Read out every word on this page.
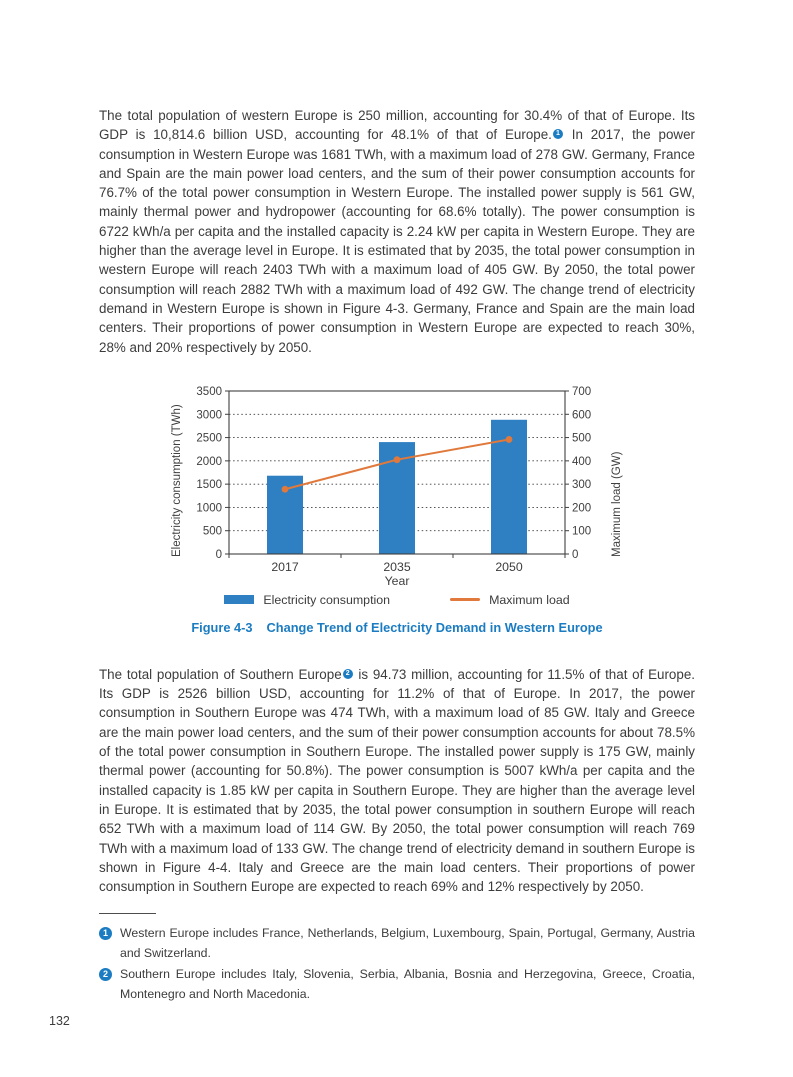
The total population of western Europe is 250 million, accounting for 30.4% of that of Europe. Its GDP is 10,814.6 billion USD, accounting for 48.1% of that of Europe. $^1$ In 2017, the power consumption in Western Europe was 1681 TWh, with a maximum load of 278 GW. Germany, France and Spain are the main power load centers, and the sum of their power consumption accounts for 76.7% of the total power consumption in Western Europe. The installed power supply is 561 GW, mainly thermal power and hydropower (accounting for 68.6% totally). The power consumption is 6722 kWh/a per capita and the installed capacity is 2.24 kW per capita in Western Europe. They are higher than the average level in Europe. It is estimated that by 2035, the total power consumption in western Europe will reach 2403 TWh with a maximum load of 405 GW. By 2050, the total power consumption will reach 2882 TWh with a maximum load of 492 GW. The change trend of electricity demand in Western Europe is shown in Figure 4-3. Germany, France and Spain are the main load centers. Their proportions of power consumption in Western Europe are expected to reach 30%, 28% and 20% respectively by 2050.

Electricity consumption (TWh)	Maximum load (GW)
0
500
1000
1500
2000
2500
3000
3500
0
100
200
300
400
500
600
700
2017	2035	2050
Year
Electricity consumption	Maximum load
Figure 4-3 Change Trend of Electricity Demand in Western Europe

The total population of Southern Europe $^2$ is 94.73 million, accounting for 11.5% of that of Europe. Its GDP is 2526 billion USD, accounting for 11.2% of that of Europe. In 2017, the power consumption in Southern Europe was 474 TWh, with a maximum load of 85 GW. Italy and Greece are the main power load centers, and the sum of their power consumption accounts for about 78.5% of the total power consumption in Southern Europe. The installed power supply is 175 GW, mainly thermal power (accounting for 50.8%). The power consumption is 5007 kWh/a per capita and the installed capacity is 1.85 kW per capita in Southern Europe. They are higher than the average level in Europe. It is estimated that by 2035, the total power consumption in southern Europe will reach 652 TWh with a maximum load of 114 GW. By 2050, the total power consumption will reach 769 TWh with a maximum load of 133 GW. The change trend of electricity demand in southern Europe is shown in Figure 4-4. Italy and Greece are the main load centers. Their proportions of power consumption in Southern Europe are expected to reach 69% and 12% respectively by 2050.

1 Western Europe includes France, Netherlands, Belgium, Luxembourg, Spain, Portugal, Germany, Austria and Switzerland.
2 Southern Europe includes Italy, Slovenia, Serbia, Albania, Bosnia and Herzegovina, Greece, Croatia, Montenegro and North Macedonia.
132
